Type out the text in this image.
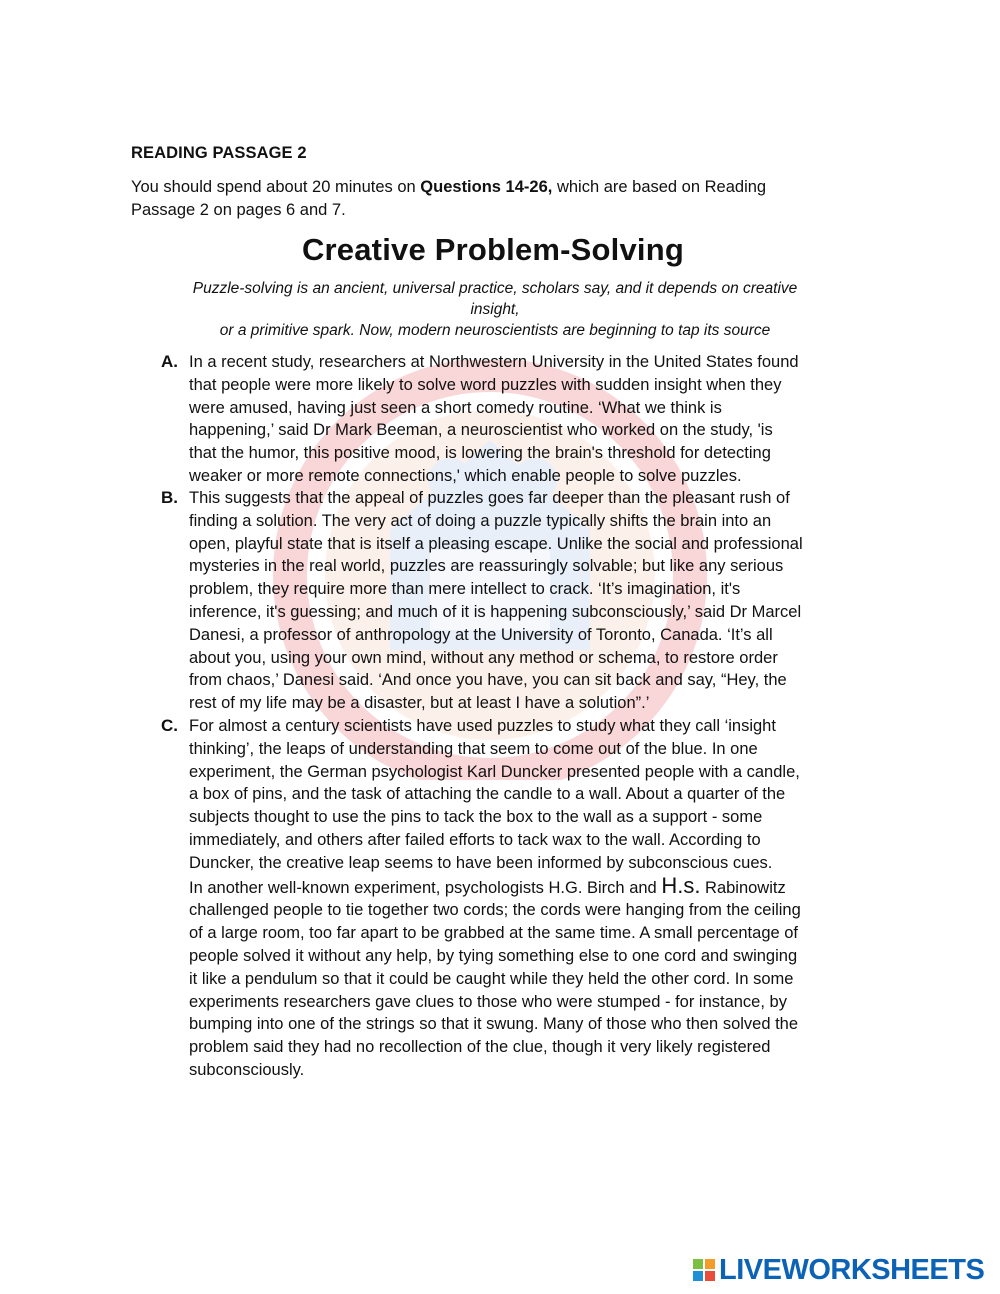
READING PASSAGE 2
You should spend about 20 minutes on Questions 14-26, which are based on Reading
Passage 2 on pages 6 and 7.
Creative Problem-Solving
Puzzle-solving is an ancient, universal practice, scholars say, and it depends on creative
insight,
or a primitive spark. Now, modern neuroscientists are beginning to tap its source
A. In a recent study, researchers at Northwestern University in the United States found
that people were more likely to solve word puzzles with sudden insight when they
were amused, having just seen a short comedy routine. ‘What we think is
happening,’ said Dr Mark Beeman, a neuroscientist who worked on the study, 'is
that the humor, this positive mood, is lowering the brain's threshold for detecting
weaker or more remote connections,' which enable people to solve puzzles.
B. This suggests that the appeal of puzzles goes far deeper than the pleasant rush of
finding a solution. The very act of doing a puzzle typically shifts the brain into an
open, playful state that is itself a pleasing escape. Unlike the social and professional
mysteries in the real world, puzzles are reassuringly solvable; but like any serious
problem, they require more than mere intellect to crack. ‘It’s imagination, it's
inference, it's guessing; and much of it is happening subconsciously,’ said Dr Marcel
Danesi, a professor of anthropology at the University of Toronto, Canada. ‘It’s all
about you, using your own mind, without any method or schema, to restore order
from chaos,’ Danesi said. ‘And once you have, you can sit back and say, “Hey, the
rest of my life may be a disaster, but at least I have a solution”.’
C. For almost a century scientists have used puzzles to study what they call ‘insight
thinking’, the leaps of understanding that seem to come out of the blue. In one
experiment, the German psychologist Karl Duncker presented people with a candle,
a box of pins, and the task of attaching the candle to a wall. About a quarter of the
subjects thought to use the pins to tack the box to the wall as a support - some
immediately, and others after failed efforts to tack wax to the wall. According to
Duncker, the creative leap seems to have been informed by subconscious cues.
In another well-known experiment, psychologists H.G. Birch and H.s. Rabinowitz
challenged people to tie together two cords; the cords were hanging from the ceiling
of a large room, too far apart to be grabbed at the same time. A small percentage of
people solved it without any help, by tying something else to one cord and swinging
it like a pendulum so that it could be caught while they held the other cord. In some
experiments researchers gave clues to those who were stumped - for instance, by
bumping into one of the strings so that it swung. Many of those who then solved the
problem said they had no recollection of the clue, though it very likely registered
subconsciously.
LIVEWORKSHEETS
